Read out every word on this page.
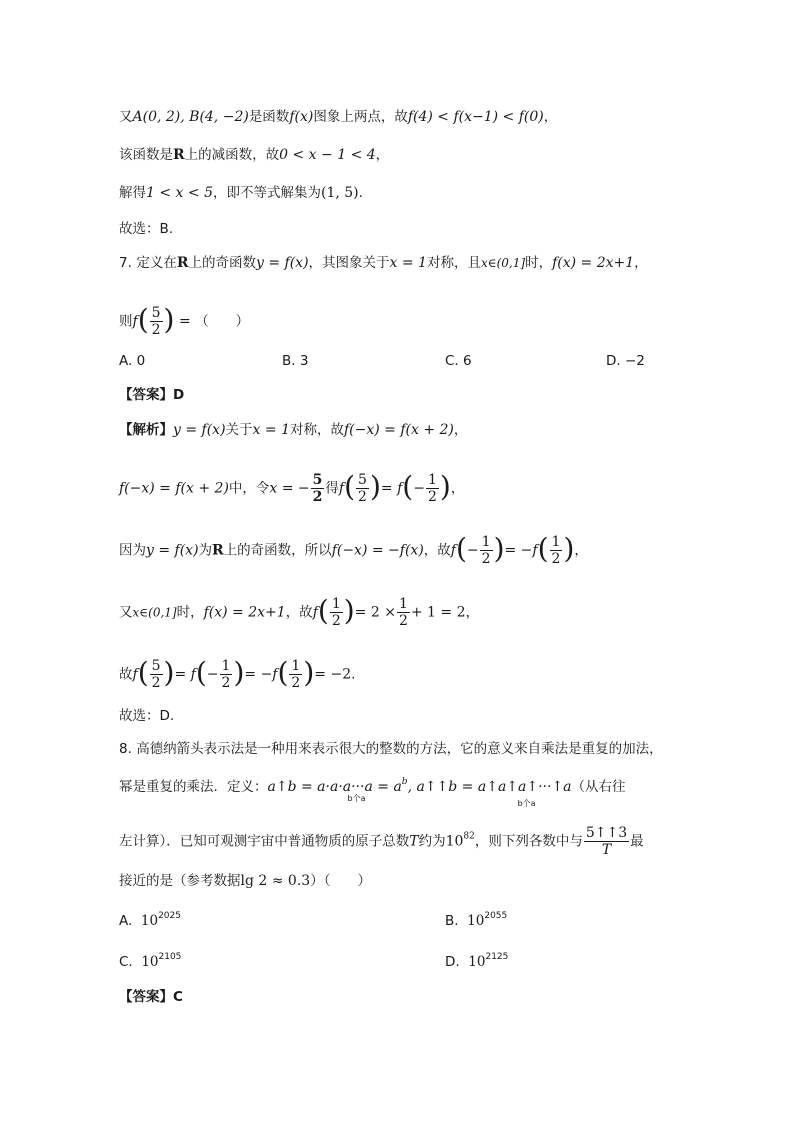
又A(0, 2), B(4, −2)是函数f(x)图象上两点，故f(4) < f(x−1) < f(0)，
该函数是R上的减函数，故0 < x − 1 < 4，
解得1 < x < 5，即不等式解集为(1, 5).
故选：B.
7. 定义在R上的奇函数y = f(x)，其图象关于x = 1对称，且x∈(0,1]时，f(x) = 2x+1，
则$f( \frac{5}{2}$ ) = （　　）
A. 0	B. 3	C. 6	D. −2
【答案】D
【解析】y = f(x)关于x = 1对称，故f(−x) = f(x + 2)，
f(−x) = f(x + 2)中，令x = − $\frac{5}{2}$ 得$f( \frac{5}{2}$ )= $f(- \frac{1}{2}$ )，
因为y = f(x)为R上的奇函数，所以f(−x) = −f(x)，故$f(- \frac{1}{2}$ )= $-f( \frac{1}{2}$ )，
又x∈(0,1]时，f(x) = 2x+1，故$f( \frac{1}{2}$ )= $2 \times \frac{1}{2} + 1 = 2$，
故$f( \frac{5}{2}$ )= $f(- \frac{1}{2}$ )= $-f( \frac{1}{2}$ )= −2.
故选：D.
8. 高德纳箭头表示法是一种用来表示很大的整数的方法，它的意义来自乘法是重复的加法，
幂是重复的乘法．定义：a↑b = $a\cdot a\cdot a\cdot\cdot\cdot a = a^b$
b个a
, a↑↑b = a↑a↑a↑···↑a
b个a
（从右往
左计算）．已知可观测宇宙中普通物质的原子总数T约为$10^{82}$，则下列各数中与 $\frac{5↑↑3}{T}$ 最
接近的是（参考数据lg 2 ≈ 0.3）（　　）
A. $10^{2025}$	B. $10^{2055}$
C. $10^{2105}$	D. $10^{2125}$
【答案】C
